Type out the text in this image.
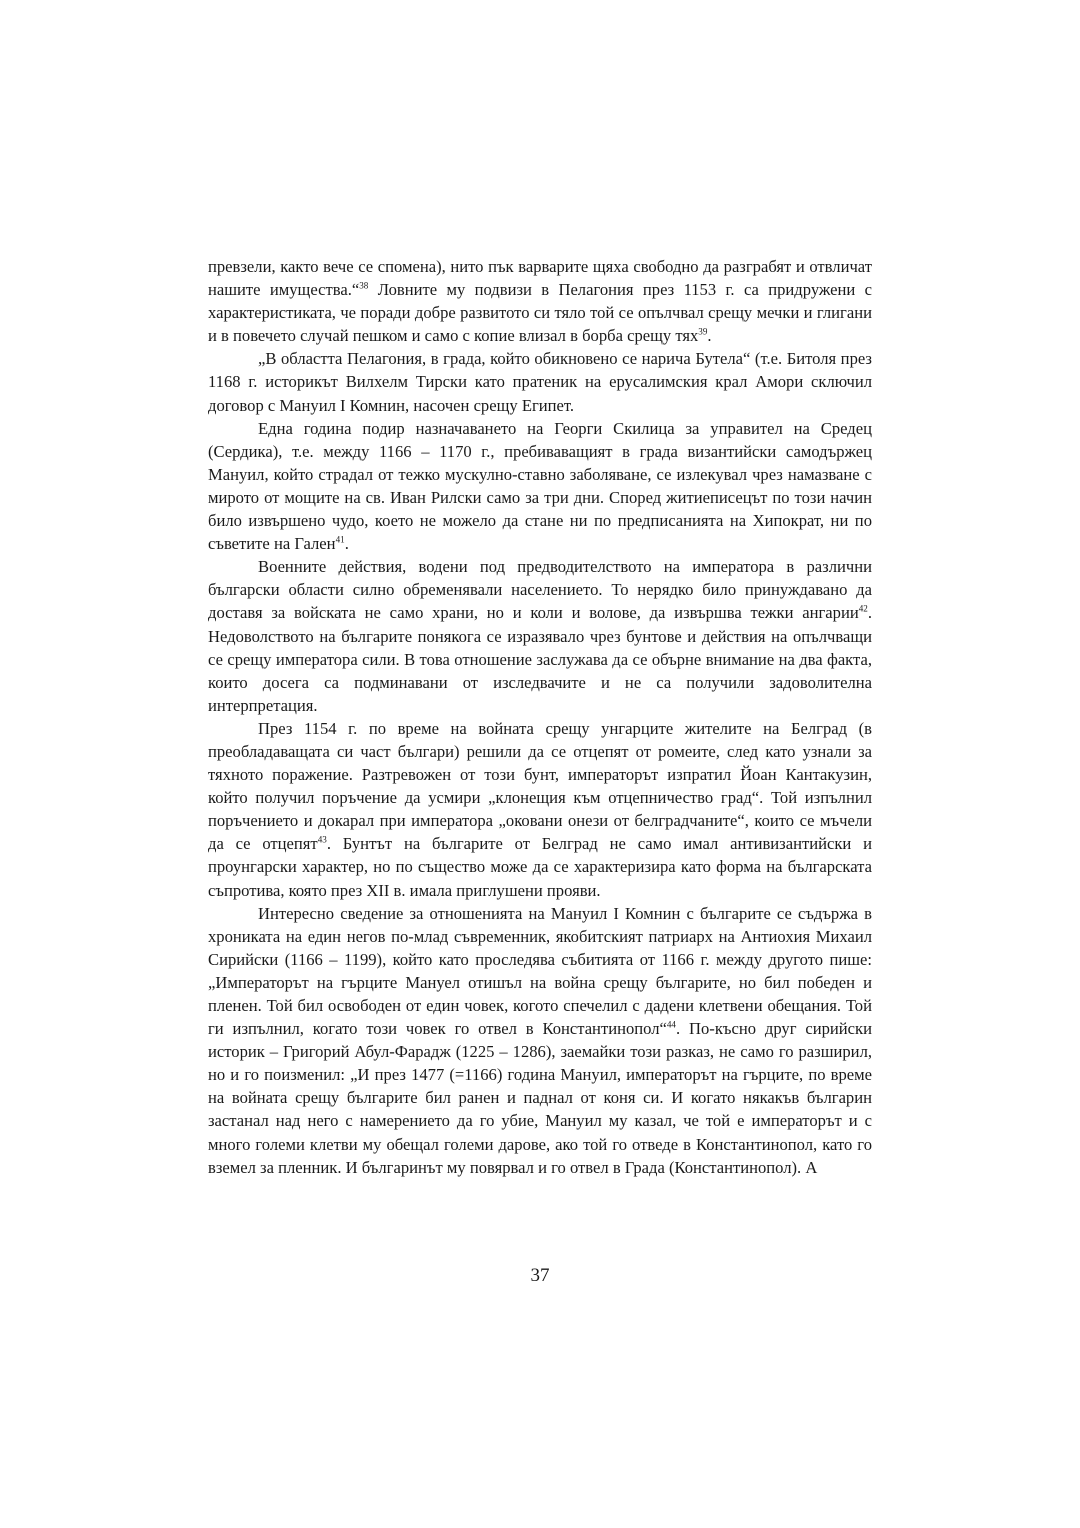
превзели, както вече се спомена), нито пък варварите щяха свободно да разграбят и отвличат нашите имущества.“$^{38}$ Ловните му подвизи в Пелагония през 1153 г. са придружени с характеристиката, че поради добре развитото си тяло той се опълчвал срещу мечки и глигани и в повечето случай пешком и само с копие влизал в борба срещу тях$^{39}$.

„В областта Пелагония, в града, който обикновено се нарича Бутела“ (т.е. Битоля през 1168 г. историкът Вилхелм Тирски като пратеник на ерусалимския крал Амори сключил договор с Мануил I Комнин, насочен срещу Египет.

Една година подир назначаването на Георги Скилица за управител на Средец (Сердика), т.е. между 1166 – 1170 г., пребиваващият в града византийски самодържец Мануил, който страдал от тежко мускулно-ставно заболяване, се излекувал чрез намазване с мирото от мощите на св. Иван Рилски само за три дни. Според житиеписецът по този начин било извършено чудо, което не можело да стане ни по предписанията на Хипократ, ни по съветите на Гален$^{41}$.

Военните действия, водени под предводителството на императора в различни български области силно обременявали населението. То нерядко било принуждавано да доставя за войската не само храни, но и коли и волове, да извършва тежки ангарии$^{42}$. Недоволството на българите понякога се изразявало чрез бунтове и действия на опълчващи се срещу императора сили. В това отношение заслужава да се обърне внимание на два факта, които досега са подминавани от изследвачите и не са получили задоволителна интерпретация.

През 1154 г. по време на войната срещу унгарците жителите на Белград (в преобладаващата си част българи) решили да се отцепят от ромеите, след като узнали за тяхното поражение. Разтревожен от този бунт, императорът изпратил Йоан Кантакузин, който получил поръчение да усмири „клонещия към отцепничество град“. Той изпълнил поръчението и докарал при императора „оковани онези от белградчаните“, които се мъчели да се отцепят$^{43}$. Бунтът на българите от Белград не само имал антивизантийски и проунгарски характер, но по същество може да се характеризира като форма на българската съпротива, която през XII в. имала приглушени прояви.

Интересно сведение за отношенията на Мануил I Комнин с българите се съдържа в хрониката на един негов по-млад съвременник, якобитският патриарх на Антиохия Михаил Сирийски (1166 – 1199), който като проследява събитията от 1166 г. между другото пише: „Императорът на гърците Мануел отишъл на война срещу българите, но бил победен и пленен. Той бил освободен от един човек, когото спечелил с дадени клетвени обещания. Той ги изпълнил, когато този човек го отвел в Константинопол“$^{44}$. По-късно друг сирийски историк – Григорий Абул-Фарадж (1225 – 1286), заемайки този разказ, не само го разширил, но и го поизменил: „И през 1477 (=1166) година Мануил, императорът на гърците, по време на войната срещу българите бил ранен и паднал от коня си. И когато някакъв българин застанал над него с намерението да го убие, Мануил му казал, че той е императорът и с много големи клетви му обещал големи дарове, ако той го отведе в Константинопол, като го вземел за пленник. И българинът му повярвал и го отвел в Града (Константинопол). А

37
